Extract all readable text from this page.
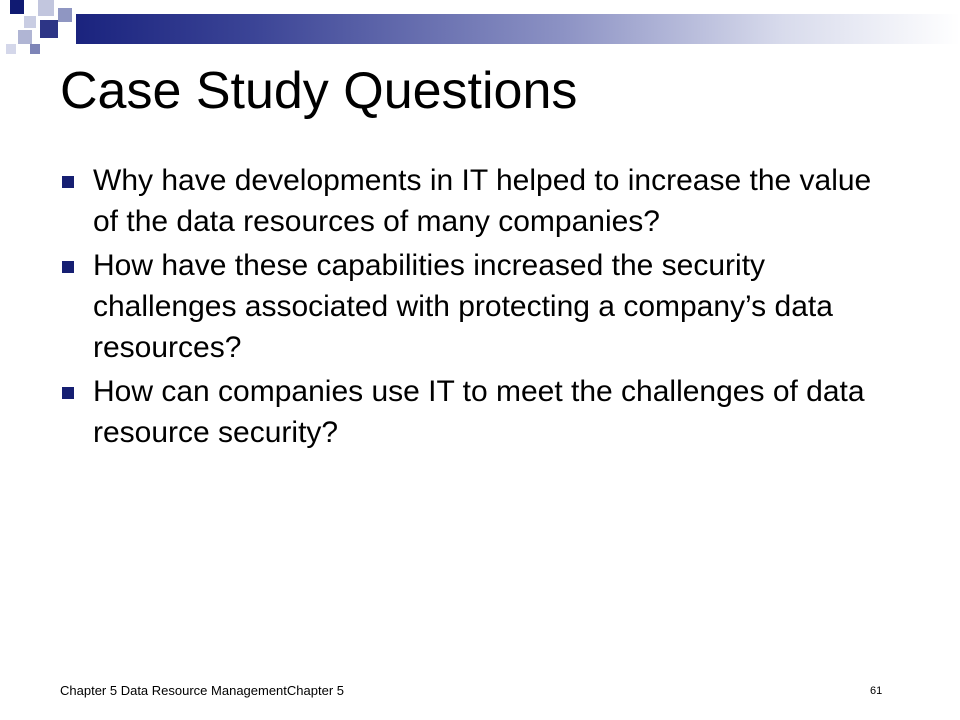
Case Study Questions
Why have developments in IT helped to increase the value of the data resources of many companies?
How have these capabilities increased the security challenges associated with protecting a company’s data resources?
How can companies use IT to meet the challenges of data resource security?
Chapter 5 Data Resource ManagementChapter 5	61
